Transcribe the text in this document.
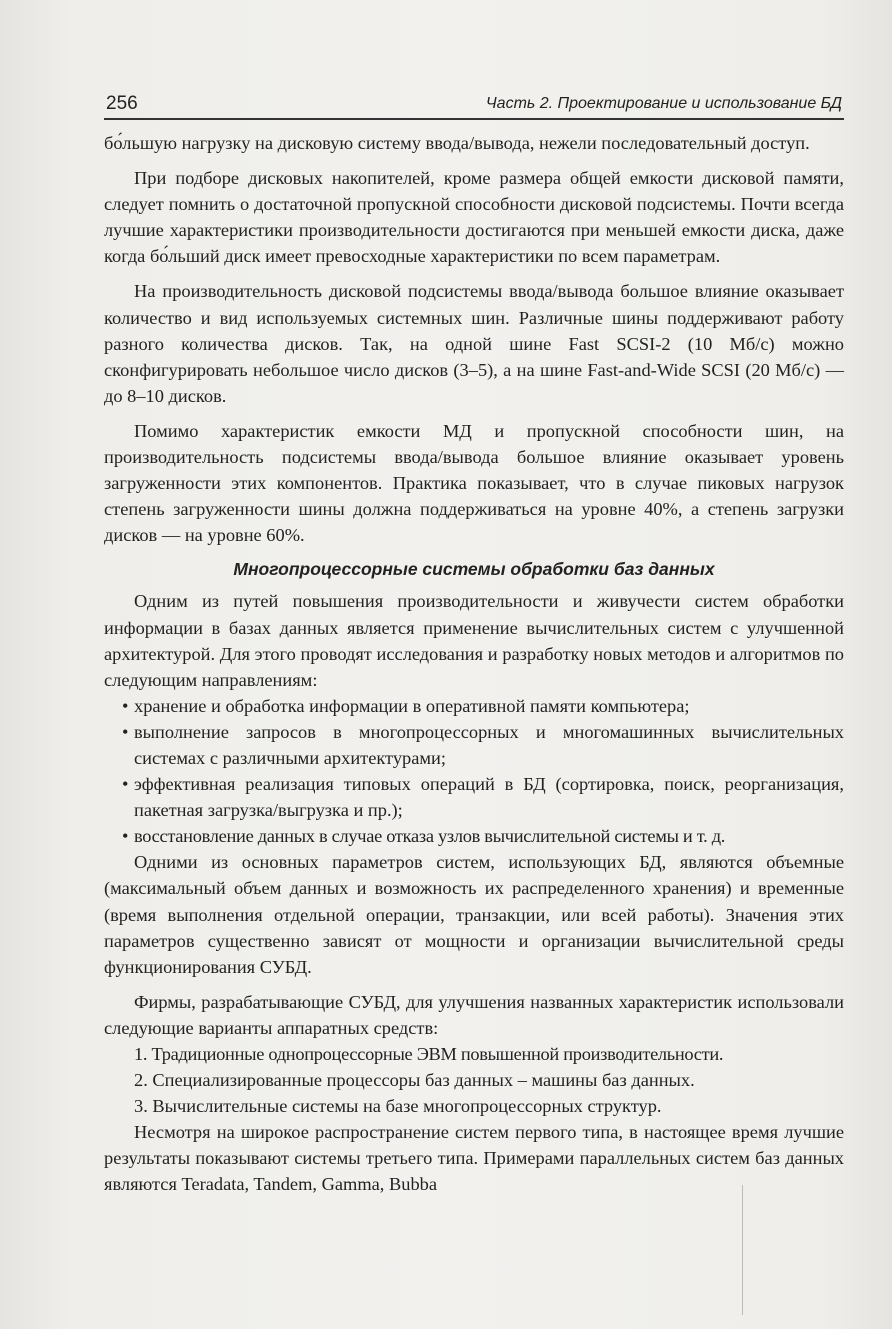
256	Часть 2. Проектирование и использование БД

бо́льшую нагрузку на дисковую систему ввода/вывода, нежели последовательный доступ.

При подборе дисковых накопителей, кроме размера общей емкости дисковой памяти, следует помнить о достаточной пропускной способности дисковой подсистемы. Почти всегда лучшие характеристики производительности достигаются при меньшей емкости диска, даже когда бо́льший диск имеет превосходные характеристики по всем параметрам.

На производительность дисковой подсистемы ввода/вывода большое влияние оказывает количество и вид используемых системных шин. Различные шины поддерживают работу разного количества дисков. Так, на одной шине Fast SCSI-2 (10 Мб/с) можно сконфигурировать небольшое число дисков (3–5), а на шине Fast-and-Wide SCSI (20 Мб/с) — до 8–10 дисков.

Помимо характеристик емкости МД и пропускной способности шин, на производительность подсистемы ввода/вывода большое влияние оказывает уровень загруженности этих компонентов. Практика показывает, что в случае пиковых нагрузок степень загруженности шины должна поддерживаться на уровне 40%, а степень загрузки дисков — на уровне 60%.

Многопроцессорные системы обработки баз данных

Одним из путей повышения производительности и живучести систем обработки информации в базах данных является применение вычислительных систем с улучшенной архитектурой. Для этого проводят исследования и разработку новых методов и алгоритмов по следующим направлениям:

• хранение и обработка информации в оперативной памяти компьютера;
• выполнение запросов в многопроцессорных и многомашинных вычислительных системах с различными архитектурами;
• эффективная реализация типовых операций в БД (сортировка, поиск, реорганизация, пакетная загрузка/выгрузка и пр.);
• восстановление данных в случае отказа узлов вычислительной системы и т. д.

Одними из основных параметров систем, использующих БД, являются объемные (максимальный объем данных и возможность их распределенного хранения) и временные (время выполнения отдельной операции, транзакции, или всей работы). Значения этих параметров существенно зависят от мощности и организации вычислительной среды функционирования СУБД.

Фирмы, разрабатывающие СУБД, для улучшения названных характеристик использовали следующие варианты аппаратных средств:

1. Традиционные однопроцессорные ЭВМ повышенной производительности.
2. Специализированные процессоры баз данных – машины баз данных.
3. Вычислительные системы на базе многопроцессорных структур.

Несмотря на широкое распространение систем первого типа, в настоящее время лучшие результаты показывают системы третьего типа. Примерами параллельных систем баз данных являются Teradata, Tandem, Gamma, Bubba
